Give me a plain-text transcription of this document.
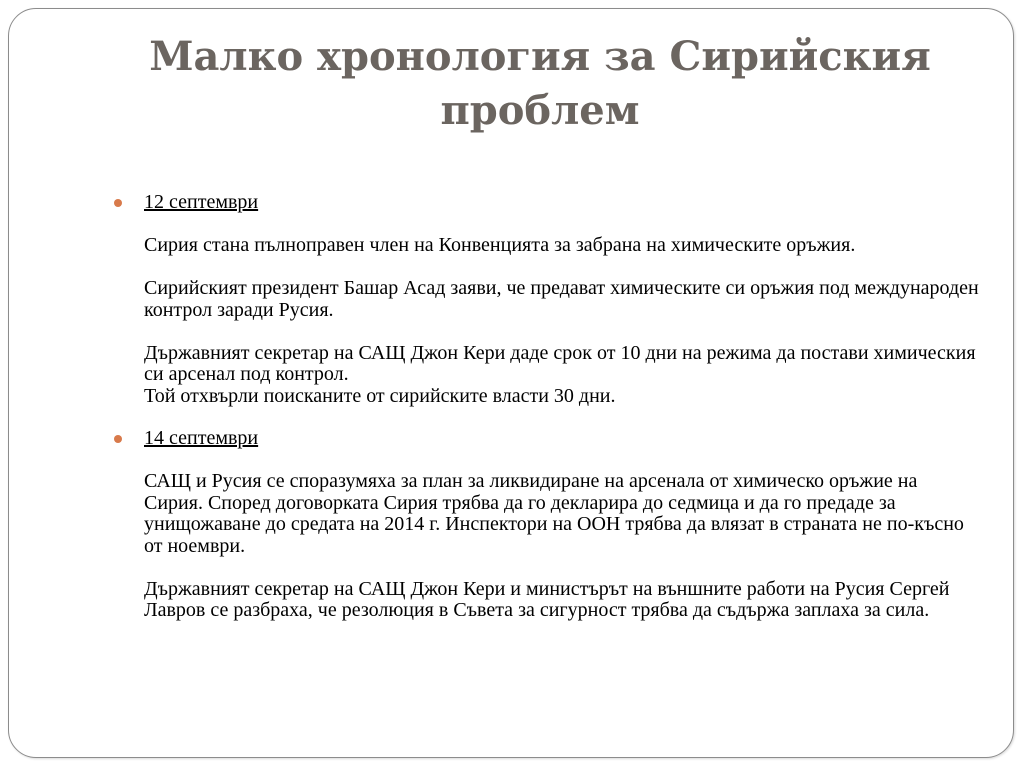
Малко хронология за Сирийския проблем
12 септември
Сирия стана пълноправен член на Конвенцията за забрана на химическите оръжия.
Сирийският президент Башар Асад заяви, че предават химическите си оръжия под международен контрол заради Русия.
Държавният секретар на САЩ Джон Кери даде срок от 10 дни на режима да постави химическия си арсенал под контрол.
Той отхвърли поисканите от сирийските власти 30 дни.
14 септември
САЩ и Русия се споразумяха за план за ликвидиране на арсенала от химическо оръжие на Сирия. Според договорката Сирия трябва да го декларира до седмица и да го предаде за унищожаване до средата на 2014 г. Инспектори на ООН трябва да влязат в страната не по-късно от ноември.
Държавният секретар на САЩ Джон Кери и министърът на външните работи на Русия Сергей Лавров се разбраха, че резолюция в Съвета за сигурност трябва да съдържа заплаха за сила.
